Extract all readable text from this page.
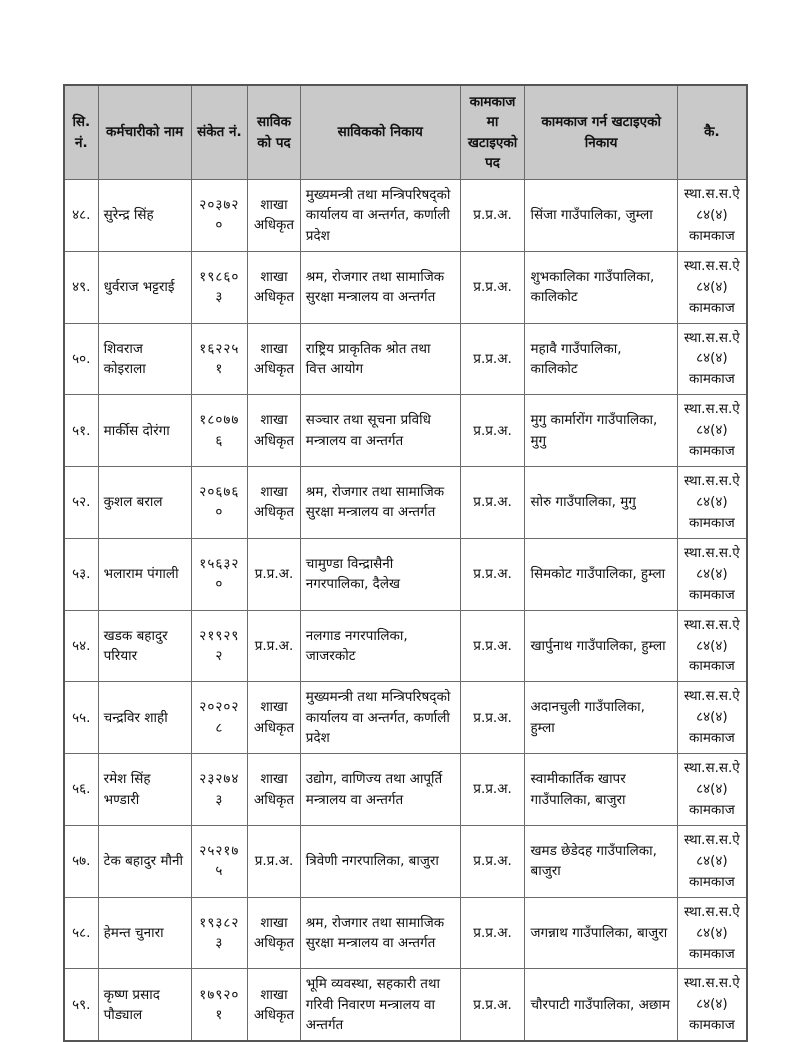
सि. नं.	कर्मचारीको नाम	संकेत नं.	साविकको पद	साविकको निकाय	कामकाजमा खटाइएको पद	कामकाज गर्न खटाइएको निकाय	कै.
४८.	सुरेन्द्र सिंह	२०३७२०	शाखा अधिकृत	मुख्यमन्त्री तथा मन्त्रिपरिषद्को कार्यालय वा अन्तर्गत, कर्णाली प्रदेश	प्र.प्र.अ.	सिंजा गाउँपालिका, जुम्ला	स्था.स.स.ऐ
८४(४)
कामकाज

४९.	धुर्वराज भट्टराई	१९८६०३	शाखा अधिकृत	श्रम, रोजगार तथा सामाजिक सुरक्षा मन्त्रालय वा अन्तर्गत	प्र.प्र.अ.	शुभकालिका गाउँपालिका, कालिकोट	स्था.स.स.ऐ
८४(४)
कामकाज

५०.	शिवराज कोइराला	१६२२५१	शाखा अधिकृत	राष्ट्रिय प्राकृतिक श्रोत तथा वित्त आयोग	प्र.प्र.अ.	महावै गाउँपालिका, कालिकोट	स्था.स.स.ऐ
८४(४)
कामकाज

५१.	मार्कीस दोरंगा	१८०७७६	शाखा अधिकृत	सञ्चार तथा सूचना प्रविधि मन्त्रालय वा अन्तर्गत	प्र.प्र.अ.	मुगु कार्मारोंग गाउँपालिका, मुगु	स्था.स.स.ऐ
८४(४)
कामकाज

५२.	कुशल बराल	२०६७६०	शाखा अधिकृत	श्रम, रोजगार तथा सामाजिक सुरक्षा मन्त्रालय वा अन्तर्गत	प्र.प्र.अ.	सोरु गाउँपालिका, मुगु	स्था.स.स.ऐ
८४(४)
कामकाज

५३.	भलाराम पंगाली	१५६३२०	प्र.प्र.अ.	चामुण्डा विन्द्रासैनी नगरपालिका, दैलेख	प्र.प्र.अ.	सिमकोट गाउँपालिका, हुम्ला	स्था.स.स.ऐ
८४(४)
कामकाज

५४.	खडक बहादुर परियार	२१९२९२	प्र.प्र.अ.	नलगाड नगरपालिका, जाजरकोट	प्र.प्र.अ.	खार्पुनाथ गाउँपालिका, हुम्ला	स्था.स.स.ऐ
८४(४)
कामकाज

५५.	चन्द्रविर शाही	२०२०२८	शाखा अधिकृत	मुख्यमन्त्री तथा मन्त्रिपरिषद्को कार्यालय वा अन्तर्गत, कर्णाली प्रदेश	प्र.प्र.अ.	अदानचुली गाउँपालिका, हुम्ला	स्था.स.स.ऐ
८४(४)
कामकाज

५६.	रमेश सिंह भण्डारी	२३२७४३	शाखा अधिकृत	उद्योग, वाणिज्य तथा आपूर्ति मन्त्रालय वा अन्तर्गत	प्र.प्र.अ.	स्वामीकार्तिक खापर गाउँपालिका, बाजुरा	स्था.स.स.ऐ
८४(४)
कामकाज

५७.	टेक बहादुर मौनी	२५२१७५	प्र.प्र.अ.	त्रिवेणी नगरपालिका, बाजुरा	प्र.प्र.अ.	खमड छेडेदह गाउँपालिका, बाजुरा	स्था.स.स.ऐ
८४(४)
कामकाज

५८.	हेमन्त चुनारा	१९३८२३	शाखा अधिकृत	श्रम, रोजगार तथा सामाजिक सुरक्षा मन्त्रालय वा अन्तर्गत	प्र.प्र.अ.	जगन्नाथ गाउँपालिका, बाजुरा	स्था.स.स.ऐ
८४(४)
कामकाज

५९.	कृष्ण प्रसाद पौड्याल	१७९२०१	शाखा अधिकृत	भूमि व्यवस्था, सहकारी तथा गरिवी निवारण मन्त्रालय वा अन्तर्गत	प्र.प्र.अ.	चौरपाटी गाउँपालिका, अछाम	स्था.स.स.ऐ
८४(४)
कामकाज
